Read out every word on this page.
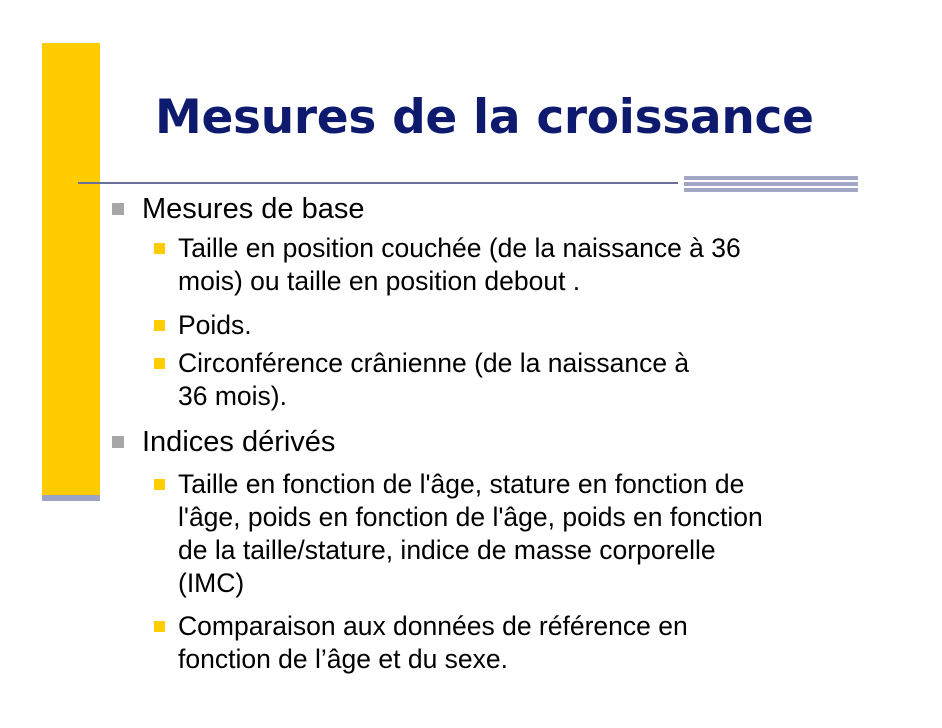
Mesures de la croissance
Mesures de base
Taille en position couchée (de la naissance à 36
mois) ou taille en position debout .
Poids.
Circonférence crânienne (de la naissance à
36 mois).
Indices dérivés
Taille en fonction de l'âge, stature en fonction de
l'âge, poids en fonction de l'âge, poids en fonction
de la taille/stature, indice de masse corporelle
(IMC)
Comparaison aux données de référence en
fonction de l’âge et du sexe.
